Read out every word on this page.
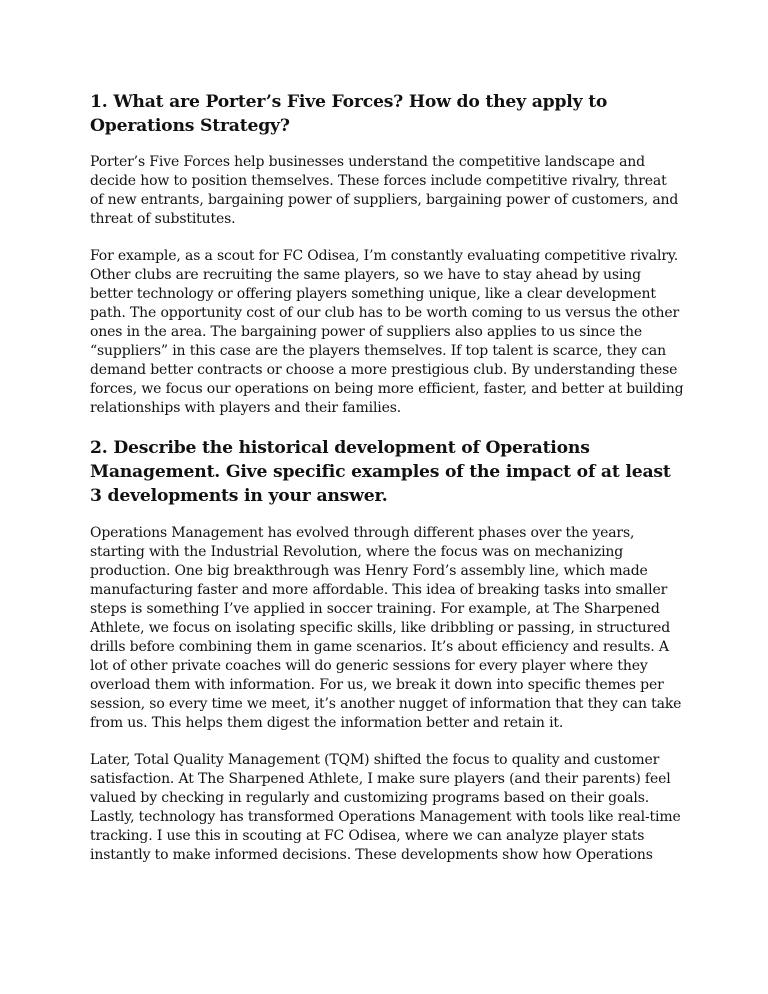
1. What are Porter’s Five Forces? How do they apply to Operations Strategy?

Porter’s Five Forces help businesses understand the competitive landscape and decide how to position themselves. These forces include competitive rivalry, threat of new entrants, bargaining power of suppliers, bargaining power of customers, and threat of substitutes.

For example, as a scout for FC Odisea, I’m constantly evaluating competitive rivalry. Other clubs are recruiting the same players, so we have to stay ahead by using better technology or offering players something unique, like a clear development path. The opportunity cost of our club has to be worth coming to us versus the other ones in the area. The bargaining power of suppliers also applies to us since the “suppliers” in this case are the players themselves. If top talent is scarce, they can demand better contracts or choose a more prestigious club. By understanding these forces, we focus our operations on being more efficient, faster, and better at building relationships with players and their families.

2. Describe the historical development of Operations Management. Give specific examples of the impact of at least 3 developments in your answer.

Operations Management has evolved through different phases over the years, starting with the Industrial Revolution, where the focus was on mechanizing production. One big breakthrough was Henry Ford’s assembly line, which made manufacturing faster and more affordable. This idea of breaking tasks into smaller steps is something I’ve applied in soccer training. For example, at The Sharpened Athlete, we focus on isolating specific skills, like dribbling or passing, in structured drills before combining them in game scenarios. It’s about efficiency and results. A lot of other private coaches will do generic sessions for every player where they overload them with information. For us, we break it down into specific themes per session, so every time we meet, it’s another nugget of information that they can take from us. This helps them digest the information better and retain it.

Later, Total Quality Management (TQM) shifted the focus to quality and customer satisfaction. At The Sharpened Athlete, I make sure players (and their parents) feel valued by checking in regularly and customizing programs based on their goals. Lastly, technology has transformed Operations Management with tools like real-time tracking. I use this in scouting at FC Odisea, where we can analyze player stats instantly to make informed decisions. These developments show how Operations
